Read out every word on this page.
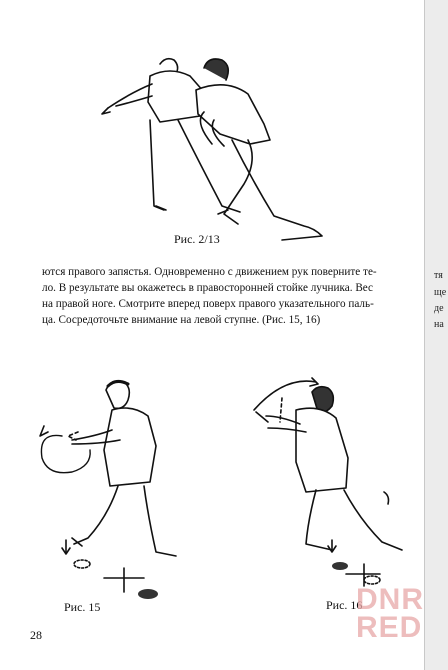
Рис. 2/13

ются правого запястья. Одновременно с движением рук поверните те-

ло. В результате вы окажетесь в правосторонней стойке лучника. Вес

на правой ноге. Смотрите вперед поверх правого указательного паль-

ца. Сосредоточьте внимание на левой ступне. (Рис. 15, 16)

Рис. 15	Рис. 16
28
тя
ще
де
на
DNR
RED
